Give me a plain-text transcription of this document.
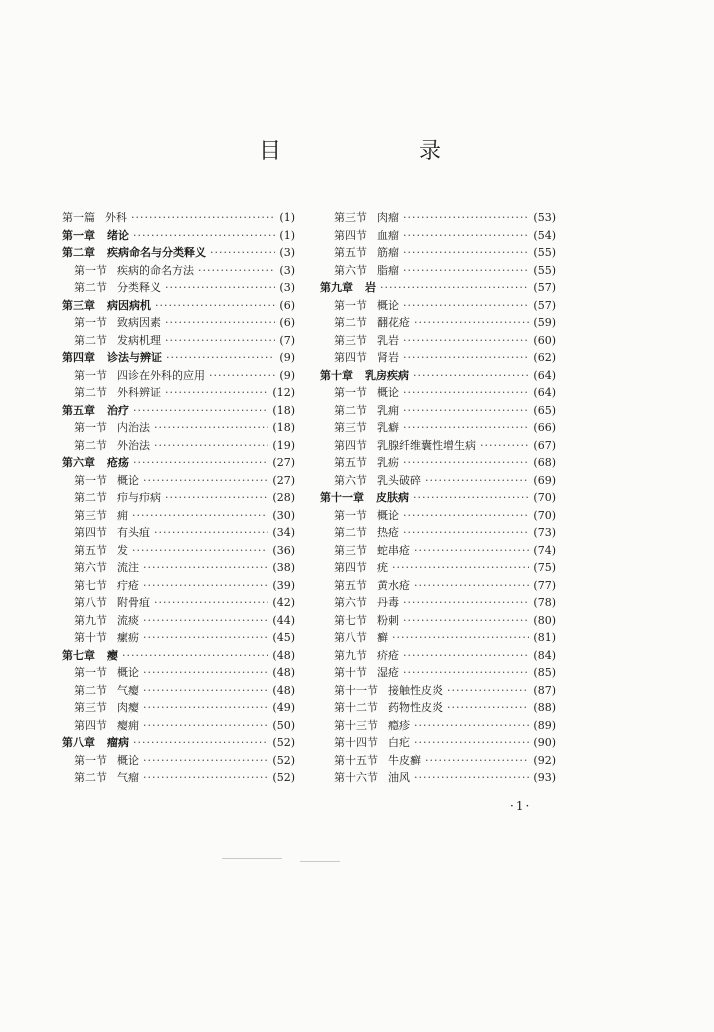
目　录
第一篇 外科 ·····	(1)
第一章 绪论 ·····	(1)
第二章 疾病命名与分类释义 ·····	(3)
第一节 疾病的命名方法 ·····	(3)
第二节 分类释义 ·····	(3)
第三章 病因病机 ·····	(6)
第一节 致病因素 ·····	(6)
第二节 发病机理 ·····	(7)
第四章 诊法与辨证 ·····	(9)
第一节 四诊在外科的应用 ·····	(9)
第二节 外科辨证 ·····	(12)
第五章 治疗 ·····	(18)
第一节 内治法 ·····	(18)
第二节 外治法 ·····	(19)
第六章 疮疡 ·····	(27)
第一节 概论 ·····	(27)
第二节 疖与疖病 ·····	(28)
第三节 痈 ·····	(30)
第四节 有头疽 ·····	(34)
第五节 发 ·····	(36)
第六节 流注 ·····	(38)
第七节 疔疮 ·····	(39)
第八节 附骨疽 ·····	(42)
第九节 流痰 ·····	(44)
第十节 瘰疬 ·····	(45)
第七章 瘿 ·····	(48)
第一节 概论 ·····	(48)
第二节 气瘿 ·····	(48)
第三节 肉瘿 ·····	(49)
第四节 瘿痈 ·····	(50)
第八章 瘤病 ·····	(52)
第一节 概论 ·····	(52)
第二节 气瘤 ·····	(52)
第三节 肉瘤 ·····	(53)
第四节 血瘤 ·····	(54)
第五节 筋瘤 ·····	(55)
第六节 脂瘤 ·····	(55)
第九章 岩 ·····	(57)
第一节 概论 ·····	(57)
第二节 翻花疮 ·····	(59)
第三节 乳岩 ·····	(60)
第四节 肾岩 ·····	(62)
第十章 乳房疾病 ·····	(64)
第一节 概论 ·····	(64)
第二节 乳痈 ·····	(65)
第三节 乳癖 ·····	(66)
第四节 乳腺纤维囊性增生病 ·····	(67)
第五节 乳疬 ·····	(68)
第六节 乳头破碎 ·····	(69)
第十一章 皮肤病 ·····	(70)
第一节 概论 ·····	(70)
第二节 热疮 ·····	(73)
第三节 蛇串疮 ·····	(74)
第四节 疣 ·····	(75)
第五节 黄水疮 ·····	(77)
第六节 丹毒 ·····	(78)
第七节 粉刺 ·····	(80)
第八节 癣 ·····	(81)
第九节 疥疮 ·····	(84)
第十节 湿疮 ·····	(85)
第十一节 接触性皮炎 ·····	(87)
第十二节 药物性皮炎 ·····	(88)
第十三节 瘾疹 ·····	(89)
第十四节 白疕 ·····	(90)
第十五节 牛皮癣 ·····	(92)
第十六节 油风 ·····	(93)
·1·
